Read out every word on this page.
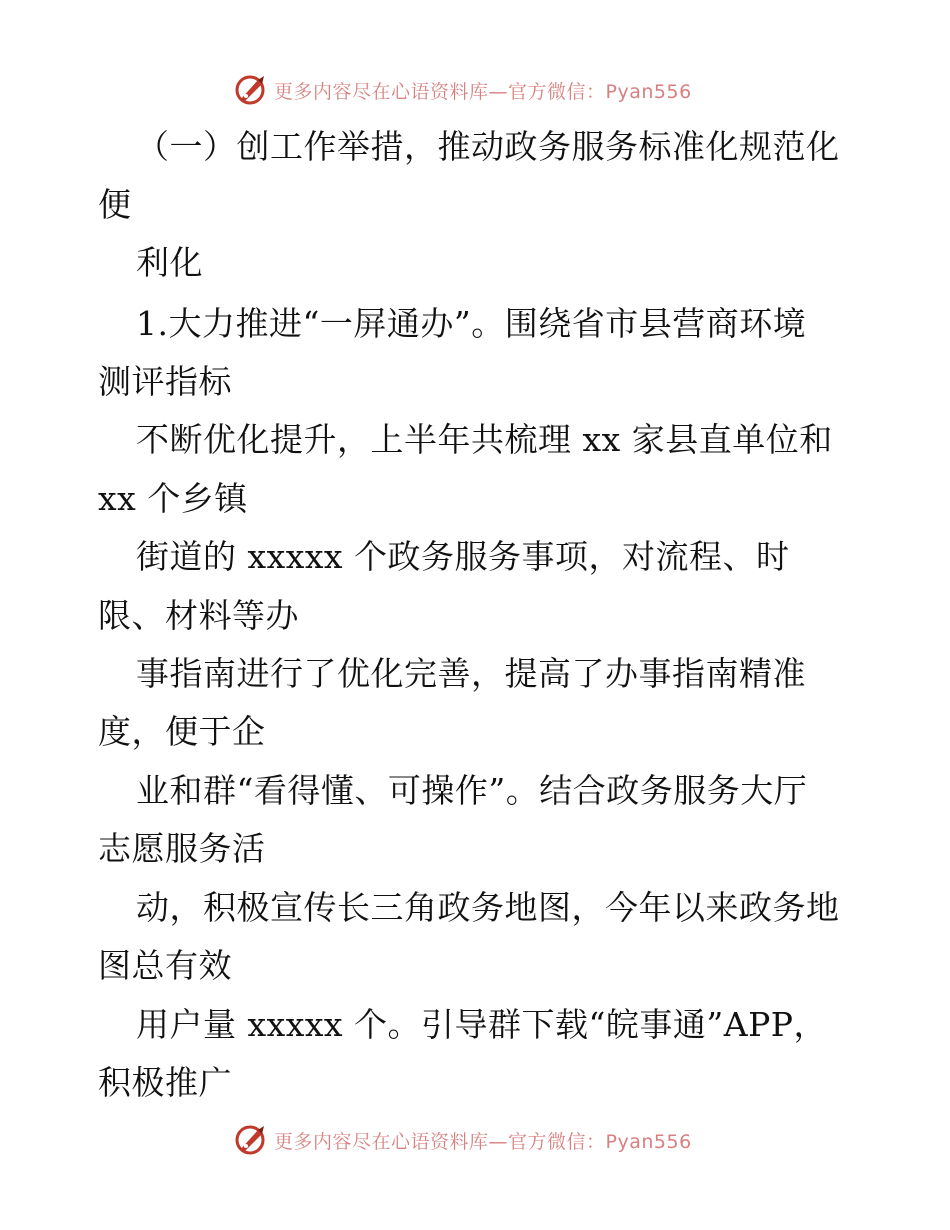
更多内容尽在心语资料库—官方微信：Pyan556
（一）创工作举措，推动政务服务标准化规范化
便
利化
1.大力推进“一屏通办”。围绕省市县营商环境
测评指标
不断优化提升，上半年共梳理 xx 家县直单位和
xx 个乡镇
街道的 xxxxx 个政务服务事项，对流程、时
限、材料等办
事指南进行了优化完善，提高了办事指南精准
度，便于企
业和群“看得懂、可操作”。结合政务服务大厅
志愿服务活
动，积极宣传长三角政务地图，今年以来政务地
图总有效
用户量 xxxxx 个。引导群下载“皖事通”APP，
积极推广
更多内容尽在心语资料库—官方微信：Pyan556
